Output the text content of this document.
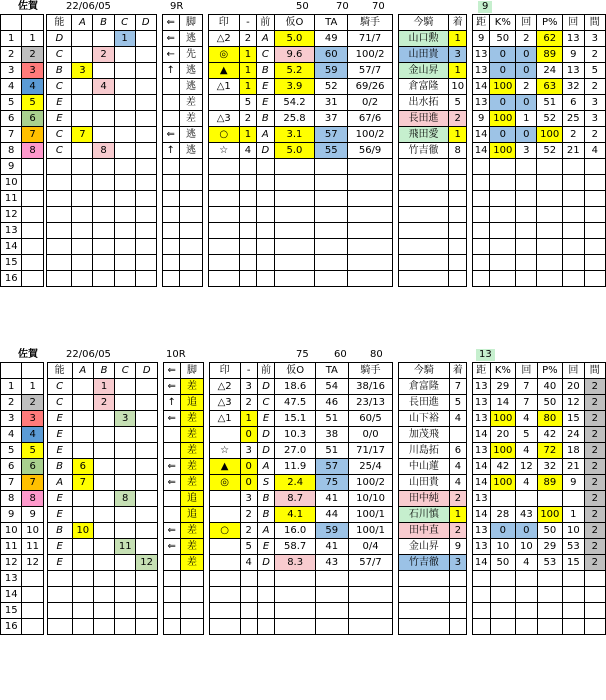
佐賀	22/06/05	9R	50	70 70	9
			能	A	B	C	D		⇐	脚		印	-	前	仮O	TA	騎手		今騎	着		距	K%	回	P%	回	間
1	1		D			1			⇐	逃		△2	2	A	5.0	49	71/7		山口勲	1		9	50	2	62	13	3
2	2		C		2				←	先		◎	1	C	9.6	60	100/2		山田貴	3		13	0	0	89	9	2
3	3		B	3					↑	逃		▲	1	B	5.2	59	57/7		金山昇	1		13	0	0	24	13	5
4	4		C		4					逃		△1	1	E	3.9	52	69/26		倉富隆	10		14	100	2	63	32	2
5	5		E							差			5	E	54.2	31	0/2		出水拓	5		13	0	0	51	6	3
6	6		E							差		△3	2	B	25.8	37	67/6		長田進	2		9	100	1	52	25	3
7	7		C	7					⇐	逃		○	1	A	3.1	57	100/2		飛田愛	1		14	0	0	100	2	2
8	8		C		8				↑	逃		☆	4	D	5.0	55	56/9		竹吉徹	8		14	100	3	52	21	4
9																											
10																											
11																											
12																											
13																											
14																											
15																											
16																											
佐賀	22/06/05	10R	75	60 80	13
			能	A	B	C	D		⇐	脚		印	-	前	仮O	TA	騎手		今騎	着		距	K%	回	P%	回	間
1	1		C		1				⇐	差		△2	3	D	18.6	54	38/16		倉富隆	7		13	29	7	40	20	2
2	2		C		2				↑	追		△3	2	C	47.5	46	23/13		長田進	5		13	14	7	50	12	2
3	3		E			3			⇐	差		△1	1	E	15.1	51	60/5		山下裕	4		13	100	4	80	15	2
4	4		E							差			0	D	10.3	38	0/0		加茂飛			14	20	5	42	24	2
5	5		E							差		☆	3	D	27.0	51	71/17		川島拓	6		13	100	4	72	18	2
6	6		B	6					⇐	差		▲	0	A	11.9	57	25/4		中山蓮	4		14	42	12	32	21	2
7	7		A	7					⇐	差		◎	0	S	2.4	75	100/2		山田貴	4		14	100	4	89	9	2
8	8		E			8				追			3	B	8.7	41	10/10		田中純	2		13					2
9	9		E							追			2	B	4.1	44	100/1		石川慎	1		14	28	43	100	1	2
10	10		B	10					⇐	差		○	2	A	16.0	59	100/1		田中直	2		13	0	0	50	10	2
11	11		E			11			⇐	差			5	E	58.7	41	0/4		金山昇	9		13	10	10	29	53	2
12	12		E				12			差			4	D	8.3	43	57/7		竹吉徹	3		14	50	4	53	15	2
13																											
14																											
15																											
16																											
